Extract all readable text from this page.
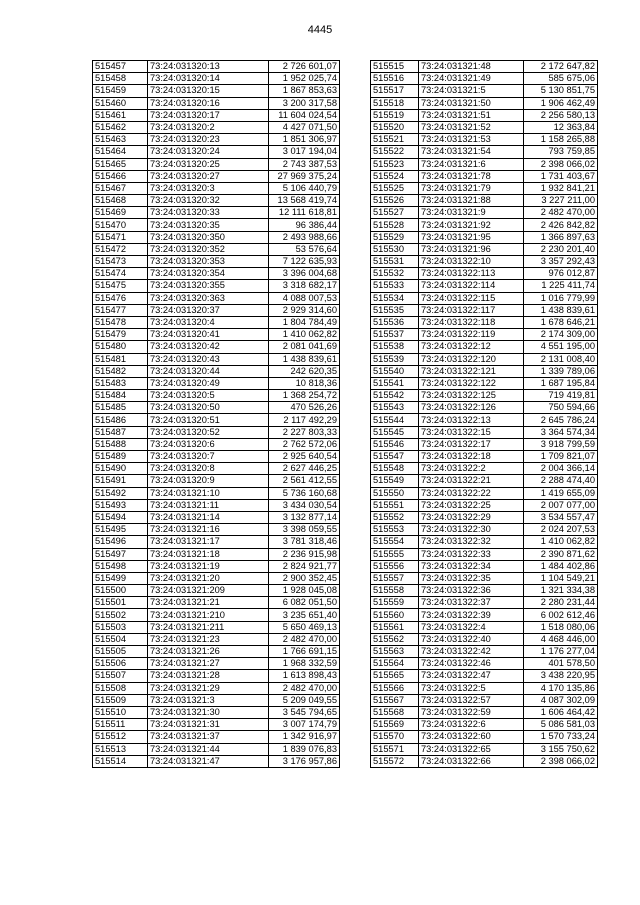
4445
515457	73:24:031320:13	2 726 601,07
515458	73:24:031320:14	1 952 025,74
515459	73:24:031320:15	1 867 853,63
515460	73:24:031320:16	3 200 317,58
515461	73:24:031320:17	11 604 024,54
515462	73:24:031320:2	4 427 071,50
515463	73:24:031320:23	1 851 306,97
515464	73:24:031320:24	3 017 194,04
515465	73:24:031320:25	2 743 387,53
515466	73:24:031320:27	27 969 375,24
515467	73:24:031320:3	5 106 440,79
515468	73:24:031320:32	13 568 419,74
515469	73:24:031320:33	12 111 618,81
515470	73:24:031320:35	96 386,44
515471	73:24:031320:350	2 493 988,66
515472	73:24:031320:352	53 576,64
515473	73:24:031320:353	7 122 635,93
515474	73:24:031320:354	3 396 004,68
515475	73:24:031320:355	3 318 682,17
515476	73:24:031320:363	4 088 007,53
515477	73:24:031320:37	2 929 314,60
515478	73:24:031320:4	1 804 784,49
515479	73:24:031320:41	1 410 062,82
515480	73:24:031320:42	2 081 041,69
515481	73:24:031320:43	1 438 839,61
515482	73:24:031320:44	242 620,35
515483	73:24:031320:49	10 818,36
515484	73:24:031320:5	1 368 254,72
515485	73:24:031320:50	470 526,26
515486	73:24:031320:51	2 117 492,29
515487	73:24:031320:52	2 227 803,33
515488	73:24:031320:6	2 762 572,06
515489	73:24:031320:7	2 925 640,54
515490	73:24:031320:8	2 627 446,25
515491	73:24:031320:9	2 561 412,55
515492	73:24:031321:10	5 736 160,68
515493	73:24:031321:11	3 434 030,54
515494	73:24:031321:14	3 132 877,14
515495	73:24:031321:16	3 398 059,55
515496	73:24:031321:17	3 781 318,46
515497	73:24:031321:18	2 236 915,98
515498	73:24:031321:19	2 824 921,77
515499	73:24:031321:20	2 900 352,45
515500	73:24:031321:209	1 928 045,08
515501	73:24:031321:21	6 082 051,50
515502	73:24:031321:210	3 235 651,40
515503	73:24:031321:211	5 650 469,13
515504	73:24:031321:23	2 482 470,00
515505	73:24:031321:26	1 766 691,15
515506	73:24:031321:27	1 968 332,59
515507	73:24:031321:28	1 613 898,43
515508	73:24:031321:29	2 482 470,00
515509	73:24:031321:3	5 209 049,55
515510	73:24:031321:30	3 545 794,65
515511	73:24:031321:31	3 007 174,79
515512	73:24:031321:37	1 342 916,97
515513	73:24:031321:44	1 839 076,83
515514	73:24:031321:47	3 176 957,86
515515	73:24:031321:48	2 172 647,82
515516	73:24:031321:49	585 675,06
515517	73:24:031321:5	5 130 851,75
515518	73:24:031321:50	1 906 462,49
515519	73:24:031321:51	2 256 580,13
515520	73:24:031321:52	12 363,84
515521	73:24:031321:53	1 158 265,88
515522	73:24:031321:54	793 759,85
515523	73:24:031321:6	2 398 066,02
515524	73:24:031321:78	1 731 403,67
515525	73:24:031321:79	1 932 841,21
515526	73:24:031321:88	3 227 211,00
515527	73:24:031321:9	2 482 470,00
515528	73:24:031321:92	2 426 842,82
515529	73:24:031321:95	1 366 897,63
515530	73:24:031321:96	2 230 201,40
515531	73:24:031322:10	3 357 292,43
515532	73:24:031322:113	976 012,87
515533	73:24:031322:114	1 225 411,74
515534	73:24:031322:115	1 016 779,99
515535	73:24:031322:117	1 438 839,61
515536	73:24:031322:118	1 678 646,21
515537	73:24:031322:119	2 174 309,00
515538	73:24:031322:12	4 551 195,00
515539	73:24:031322:120	2 131 008,40
515540	73:24:031322:121	1 339 789,06
515541	73:24:031322:122	1 687 195,84
515542	73:24:031322:125	719 419,81
515543	73:24:031322:126	750 594,66
515544	73:24:031322:13	2 645 786,24
515545	73:24:031322:15	3 364 574,34
515546	73:24:031322:17	3 918 799,59
515547	73:24:031322:18	1 709 821,07
515548	73:24:031322:2	2 004 366,14
515549	73:24:031322:21	2 288 474,40
515550	73:24:031322:22	1 419 655,09
515551	73:24:031322:25	2 007 077,00
515552	73:24:031322:29	3 534 557,47
515553	73:24:031322:30	2 024 207,53
515554	73:24:031322:32	1 410 062,82
515555	73:24:031322:33	2 390 871,62
515556	73:24:031322:34	1 484 402,86
515557	73:24:031322:35	1 104 549,21
515558	73:24:031322:36	1 321 334,38
515559	73:24:031322:37	2 280 231,44
515560	73:24:031322:39	6 002 612,46
515561	73:24:031322:4	1 518 080,06
515562	73:24:031322:40	4 468 446,00
515563	73:24:031322:42	1 176 277,04
515564	73:24:031322:46	401 578,50
515565	73:24:031322:47	3 438 220,95
515566	73:24:031322:5	4 170 135,86
515567	73:24:031322:57	4 087 302,09
515568	73:24:031322:59	1 606 464,42
515569	73:24:031322:6	5 086 581,03
515570	73:24:031322:60	1 570 733,24
515571	73:24:031322:65	3 155 750,62
515572	73:24:031322:66	2 398 066,02
